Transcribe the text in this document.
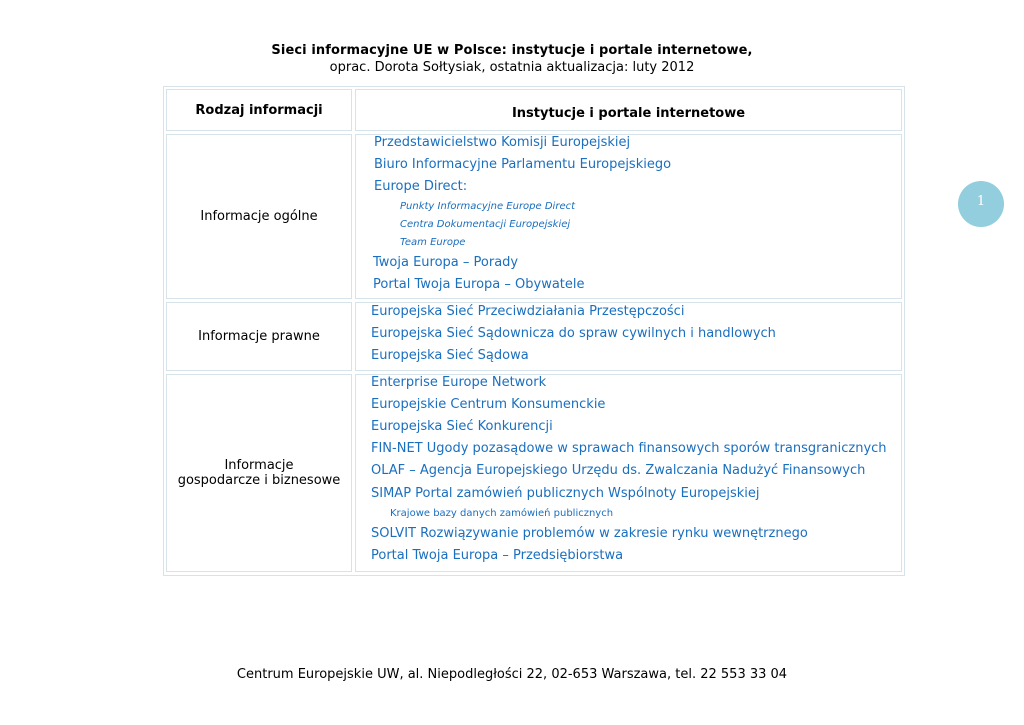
Sieci informacyjne UE w Polsce: instytucje i portale internetowe,
oprac. Dorota Sołtysiak, ostatnia aktualizacja: luty 2012
Rodzaj informacji	Instytucje i portale internetowe
Informacje ogólne
Przedstawicielstwo Komisji Europejskiej
Biuro Informacyjne Parlamentu Europejskiego
Europe Direct:
Punkty Informacyjne Europe Direct
Centra Dokumentacji Europejskiej
Team Europe
Twoja Europa – Porady
Portal Twoja Europa – Obywatele
Informacje prawne
Europejska Sieć Przeciwdziałania Przestępczości
Europejska Sieć Sądownicza do spraw cywilnych i handlowych
Europejska Sieć Sądowa
Informacje
gospodarcze i biznesowe
Enterprise Europe Network
Europejskie Centrum Konsumenckie
Europejska Sieć Konkurencji
FIN-NET Ugody pozasądowe w sprawach finansowych sporów transgranicznych
OLAF – Agencja Europejskiego Urzędu ds. Zwalczania Nadużyć Finansowych
SIMAP Portal zamówień publicznych Wspólnoty Europejskiej
Krajowe bazy danych zamówień publicznych
SOLVIT Rozwiązywanie problemów w zakresie rynku wewnętrznego
Portal Twoja Europa – Przedsiębiorstwa
1
Centrum Europejskie UW, al. Niepodległości 22, 02-653 Warszawa, tel. 22 553 33 04
